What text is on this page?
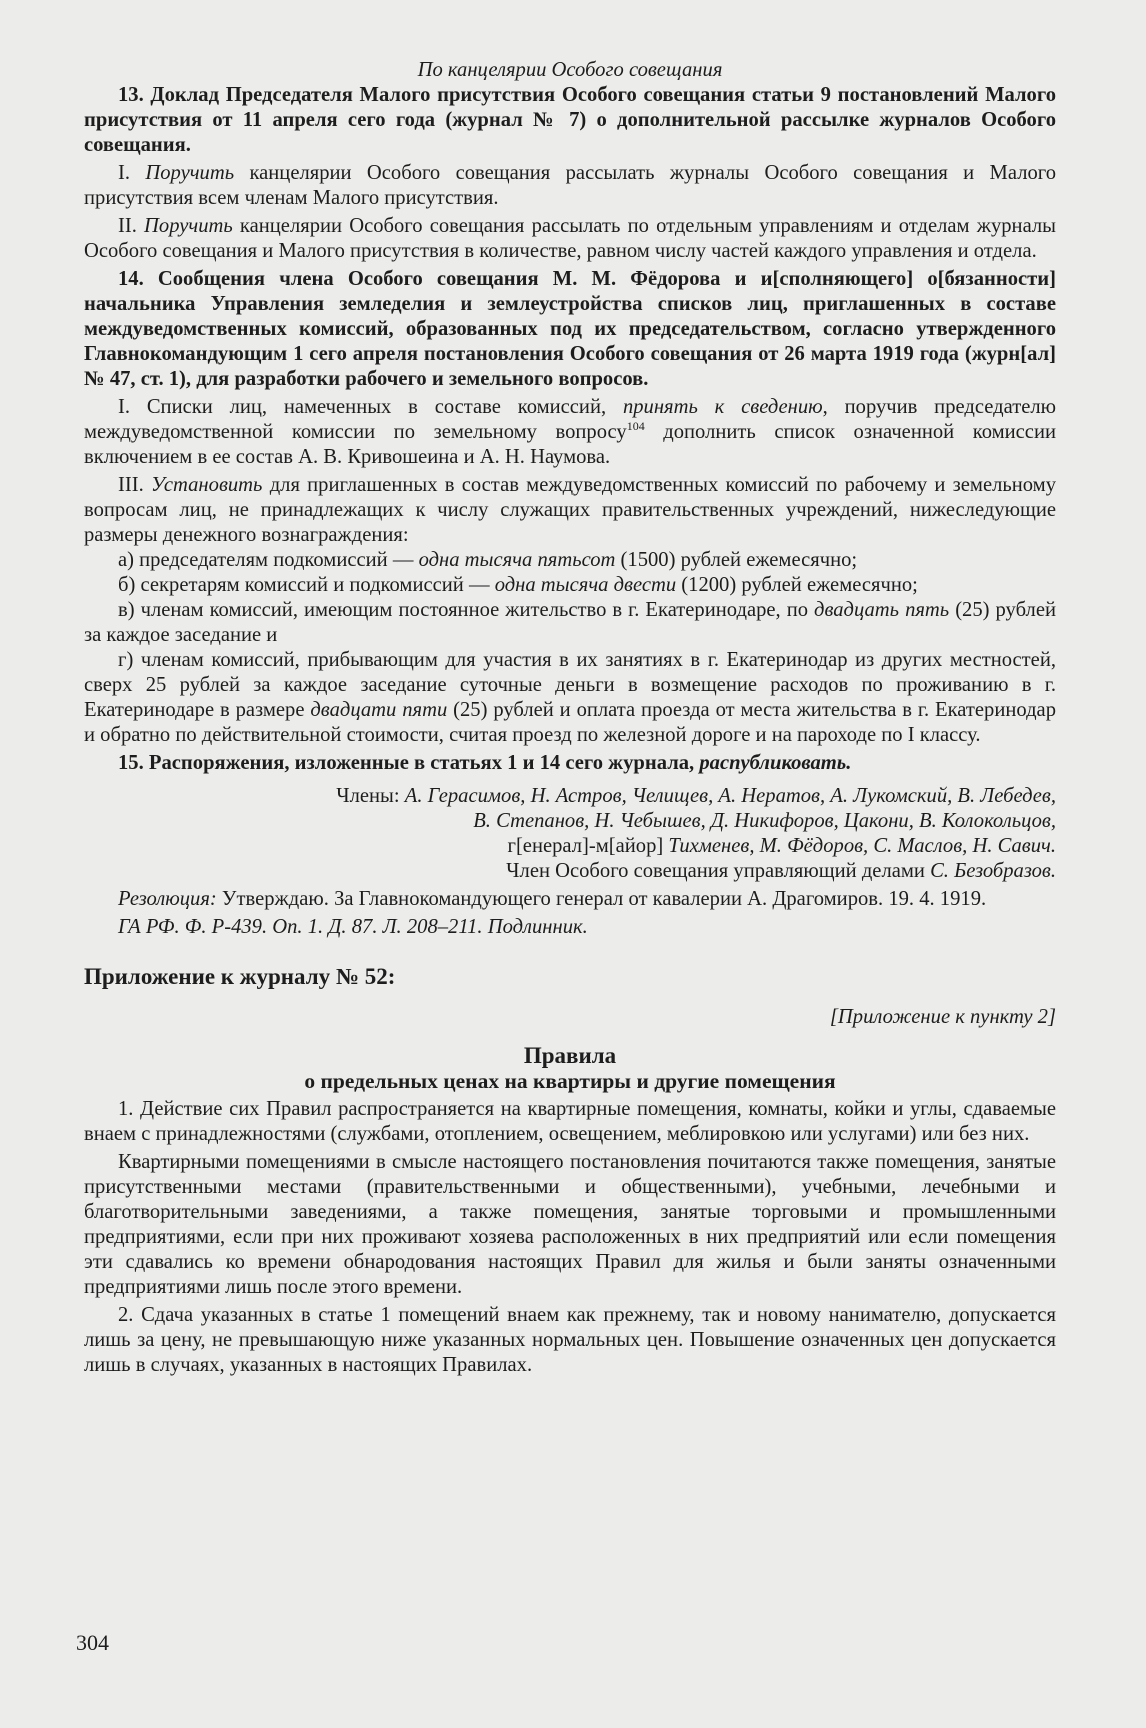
По канцелярии Особого совещания

13. Доклад Председателя Малого присутствия Особого совещания статьи 9 постановлений Малого присутствия от 11 апреля сего года (журнал № 7) о дополнительной рассылке журналов Особого совещания.

I. Поручить канцелярии Особого совещания рассылать журналы Особого совещания и Малого присутствия всем членам Малого присутствия.

II. Поручить канцелярии Особого совещания рассылать по отдельным управлениям и отделам журналы Особого совещания и Малого присутствия в количестве, равном числу частей каждого управления и отдела.

14. Сообщения члена Особого совещания М. М. Фёдорова и и[сполняющего] о[бязанности] начальника Управления земледелия и землеустройства списков лиц, приглашенных в составе междуведомственных комиссий, образованных под их председательством, согласно утвержденного Главнокомандующим 1 сего апреля постановления Особого совещания от 26 марта 1919 года (журн[ал] № 47, ст. 1), для разработки рабочего и земельного вопросов.

I. Списки лиц, намеченных в составе комиссий, принять к сведению, поручив председателю междуведомственной комиссии по земельному вопросу$^{104}$ дополнить список означенной комиссии включением в ее состав А. В. Кривошеина и А. Н. Наумова.

III. Установить для приглашенных в состав междуведомственных комиссий по рабочему и земельному вопросам лиц, не принадлежащих к числу служащих правительственных учреждений, нижеследующие размеры денежного вознаграждения:

а) председателям подкомиссий — одна тысяча пятьсот (1500) рублей ежемесячно;

б) секретарям комиссий и подкомиссий — одна тысяча двести (1200) рублей ежемесячно;

в) членам комиссий, имеющим постоянное жительство в г. Екатеринодаре, по двадцать пять (25) рублей за каждое заседание и

г) членам комиссий, прибывающим для участия в их занятиях в г. Екатеринодар из других местностей, сверх 25 рублей за каждое заседание суточные деньги в возмещение расходов по проживанию в г. Екатеринодаре в размере двадцати пяти (25) рублей и оплата проезда от места жительства в г. Екатеринодар и обратно по действительной стоимости, считая проезд по железной дороге и на пароходе по I классу.

15. Распоряжения, изложенные в статьях 1 и 14 сего журнала, распубликовать.

Члены: А. Герасимов, Н. Астров, Челищев, А. Нератов, А. Лукомский, В. Лебедев,

В. Степанов, Н. Чебышев, Д. Никифоров, Цакони, В. Колокольцов,

г[енерал]-м[айор] Тихменев, М. Фёдоров, С. Маслов, Н. Савич.

Член Особого совещания управляющий делами С. Безобразов.

Резолюция: Утверждаю. За Главнокомандующего генерал от кавалерии А. Драгомиров. 19. 4. 1919.

ГА РФ. Ф. Р-439. Оп. 1. Д. 87. Л. 208–211. Подлинник.

Приложение к журналу № 52:

[Приложение к пункту 2]

Правила

о предельных ценах на квартиры и другие помещения

1. Действие сих Правил распространяется на квартирные помещения, комнаты, койки и углы, сдаваемые внаем с принадлежностями (службами, отоплением, освещением, меблировкою или услугами) или без них.

Квартирными помещениями в смысле настоящего постановления почитаются также помещения, занятые присутственными местами (правительственными и общественными), учебными, лечебными и благотворительными заведениями, а также помещения, занятые торговыми и промышленными предприятиями, если при них проживают хозяева расположенных в них предприятий или если помещения эти сдавались ко времени обнародования настоящих Правил для жилья и были заняты означенными предприятиями лишь после этого времени.

2. Сдача указанных в статье 1 помещений внаем как прежнему, так и новому нанимателю, допускается лишь за цену, не превышающую ниже указанных нормальных цен. Повышение означенных цен допускается лишь в случаях, указанных в настоящих Правилах.

304
